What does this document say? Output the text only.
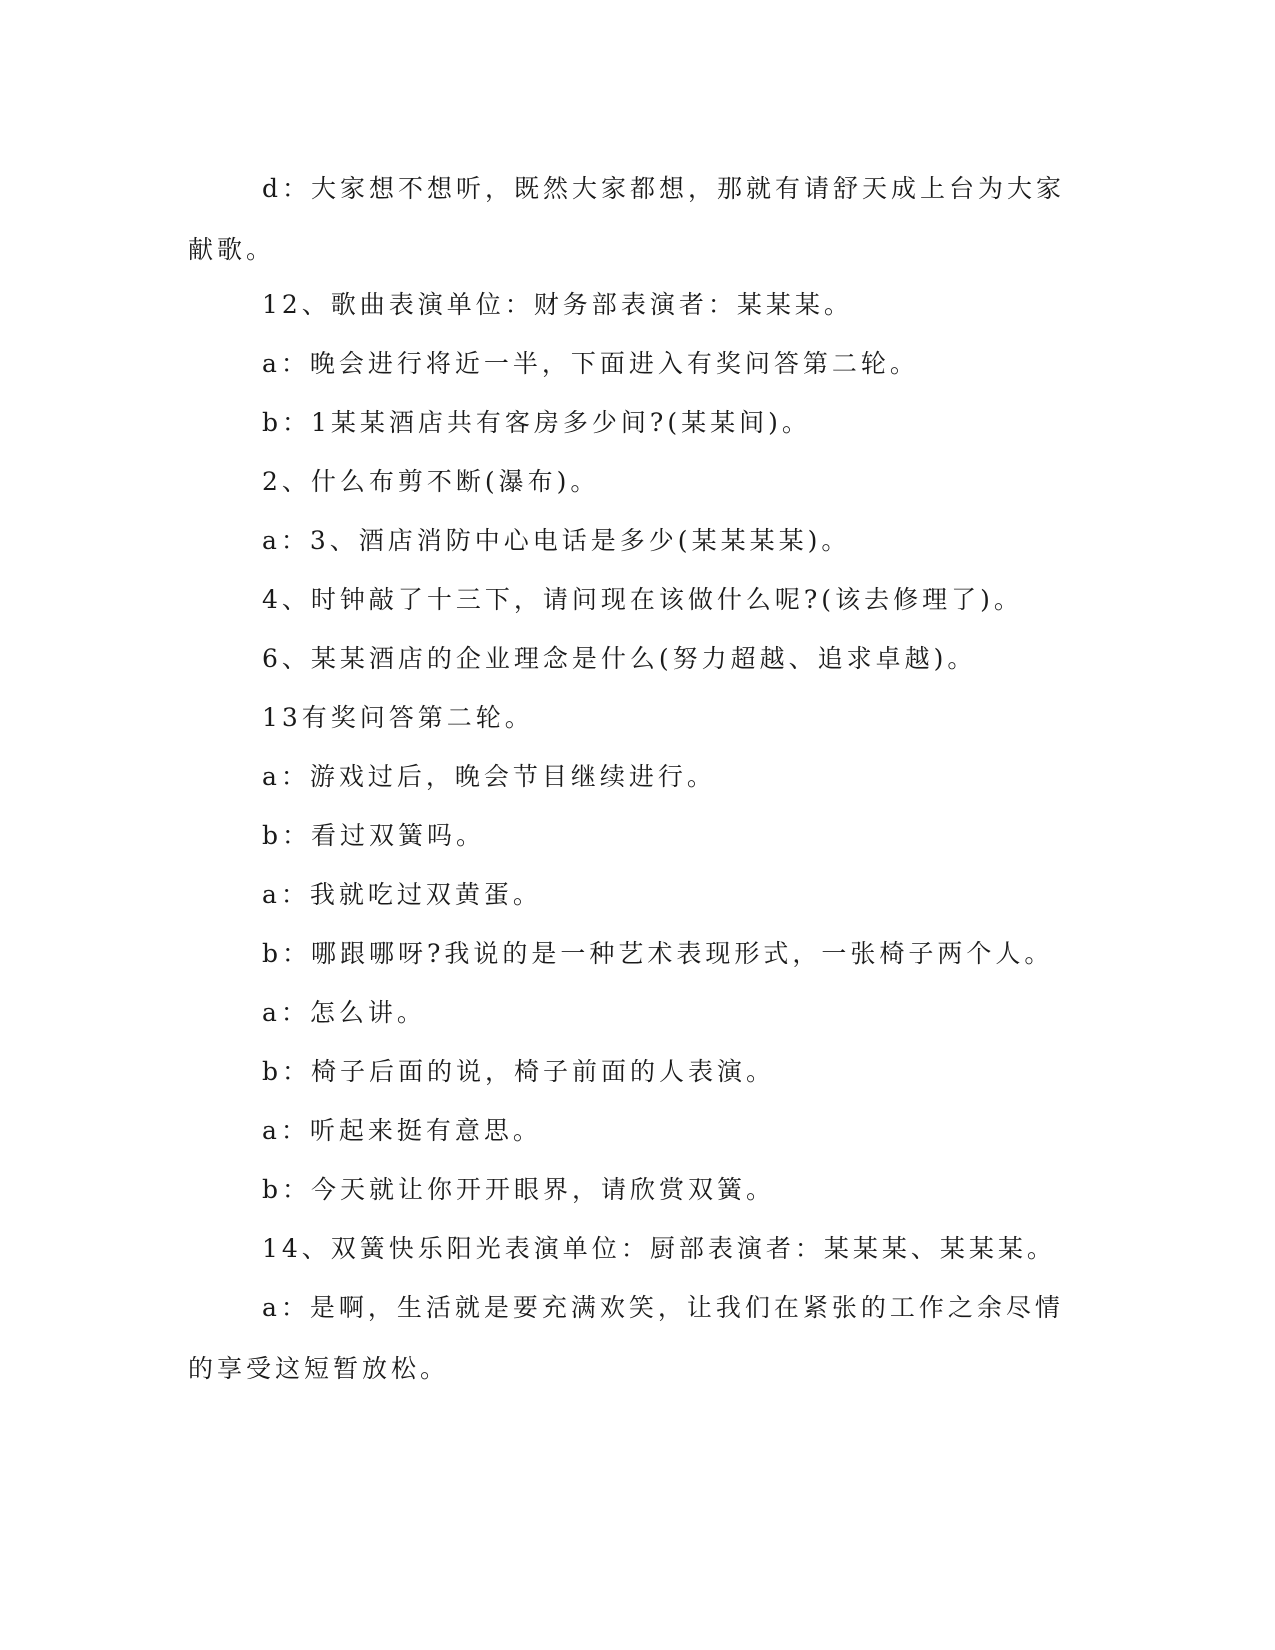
d：大家想不想听，既然大家都想，那就有请舒天成上台为大家献歌。

12、歌曲表演单位：财务部表演者：某某某。

a：晚会进行将近一半，下面进入有奖问答第二轮。

b：1某某酒店共有客房多少间?(某某间)。

2、什么布剪不断(瀑布)。

a：3、酒店消防中心电话是多少(某某某某)。

4、时钟敲了十三下，请问现在该做什么呢?(该去修理了)。

6、某某酒店的企业理念是什么(努力超越、追求卓越)。

13有奖问答第二轮。

a：游戏过后，晚会节目继续进行。

b：看过双簧吗。

a：我就吃过双黄蛋。

b：哪跟哪呀?我说的是一种艺术表现形式，一张椅子两个人。

a：怎么讲。

b：椅子后面的说，椅子前面的人表演。

a：听起来挺有意思。

b：今天就让你开开眼界，请欣赏双簧。

14、双簧快乐阳光表演单位：厨部表演者：某某某、某某某。

a：是啊，生活就是要充满欢笑，让我们在紧张的工作之余尽情的享受这短暂放松。
